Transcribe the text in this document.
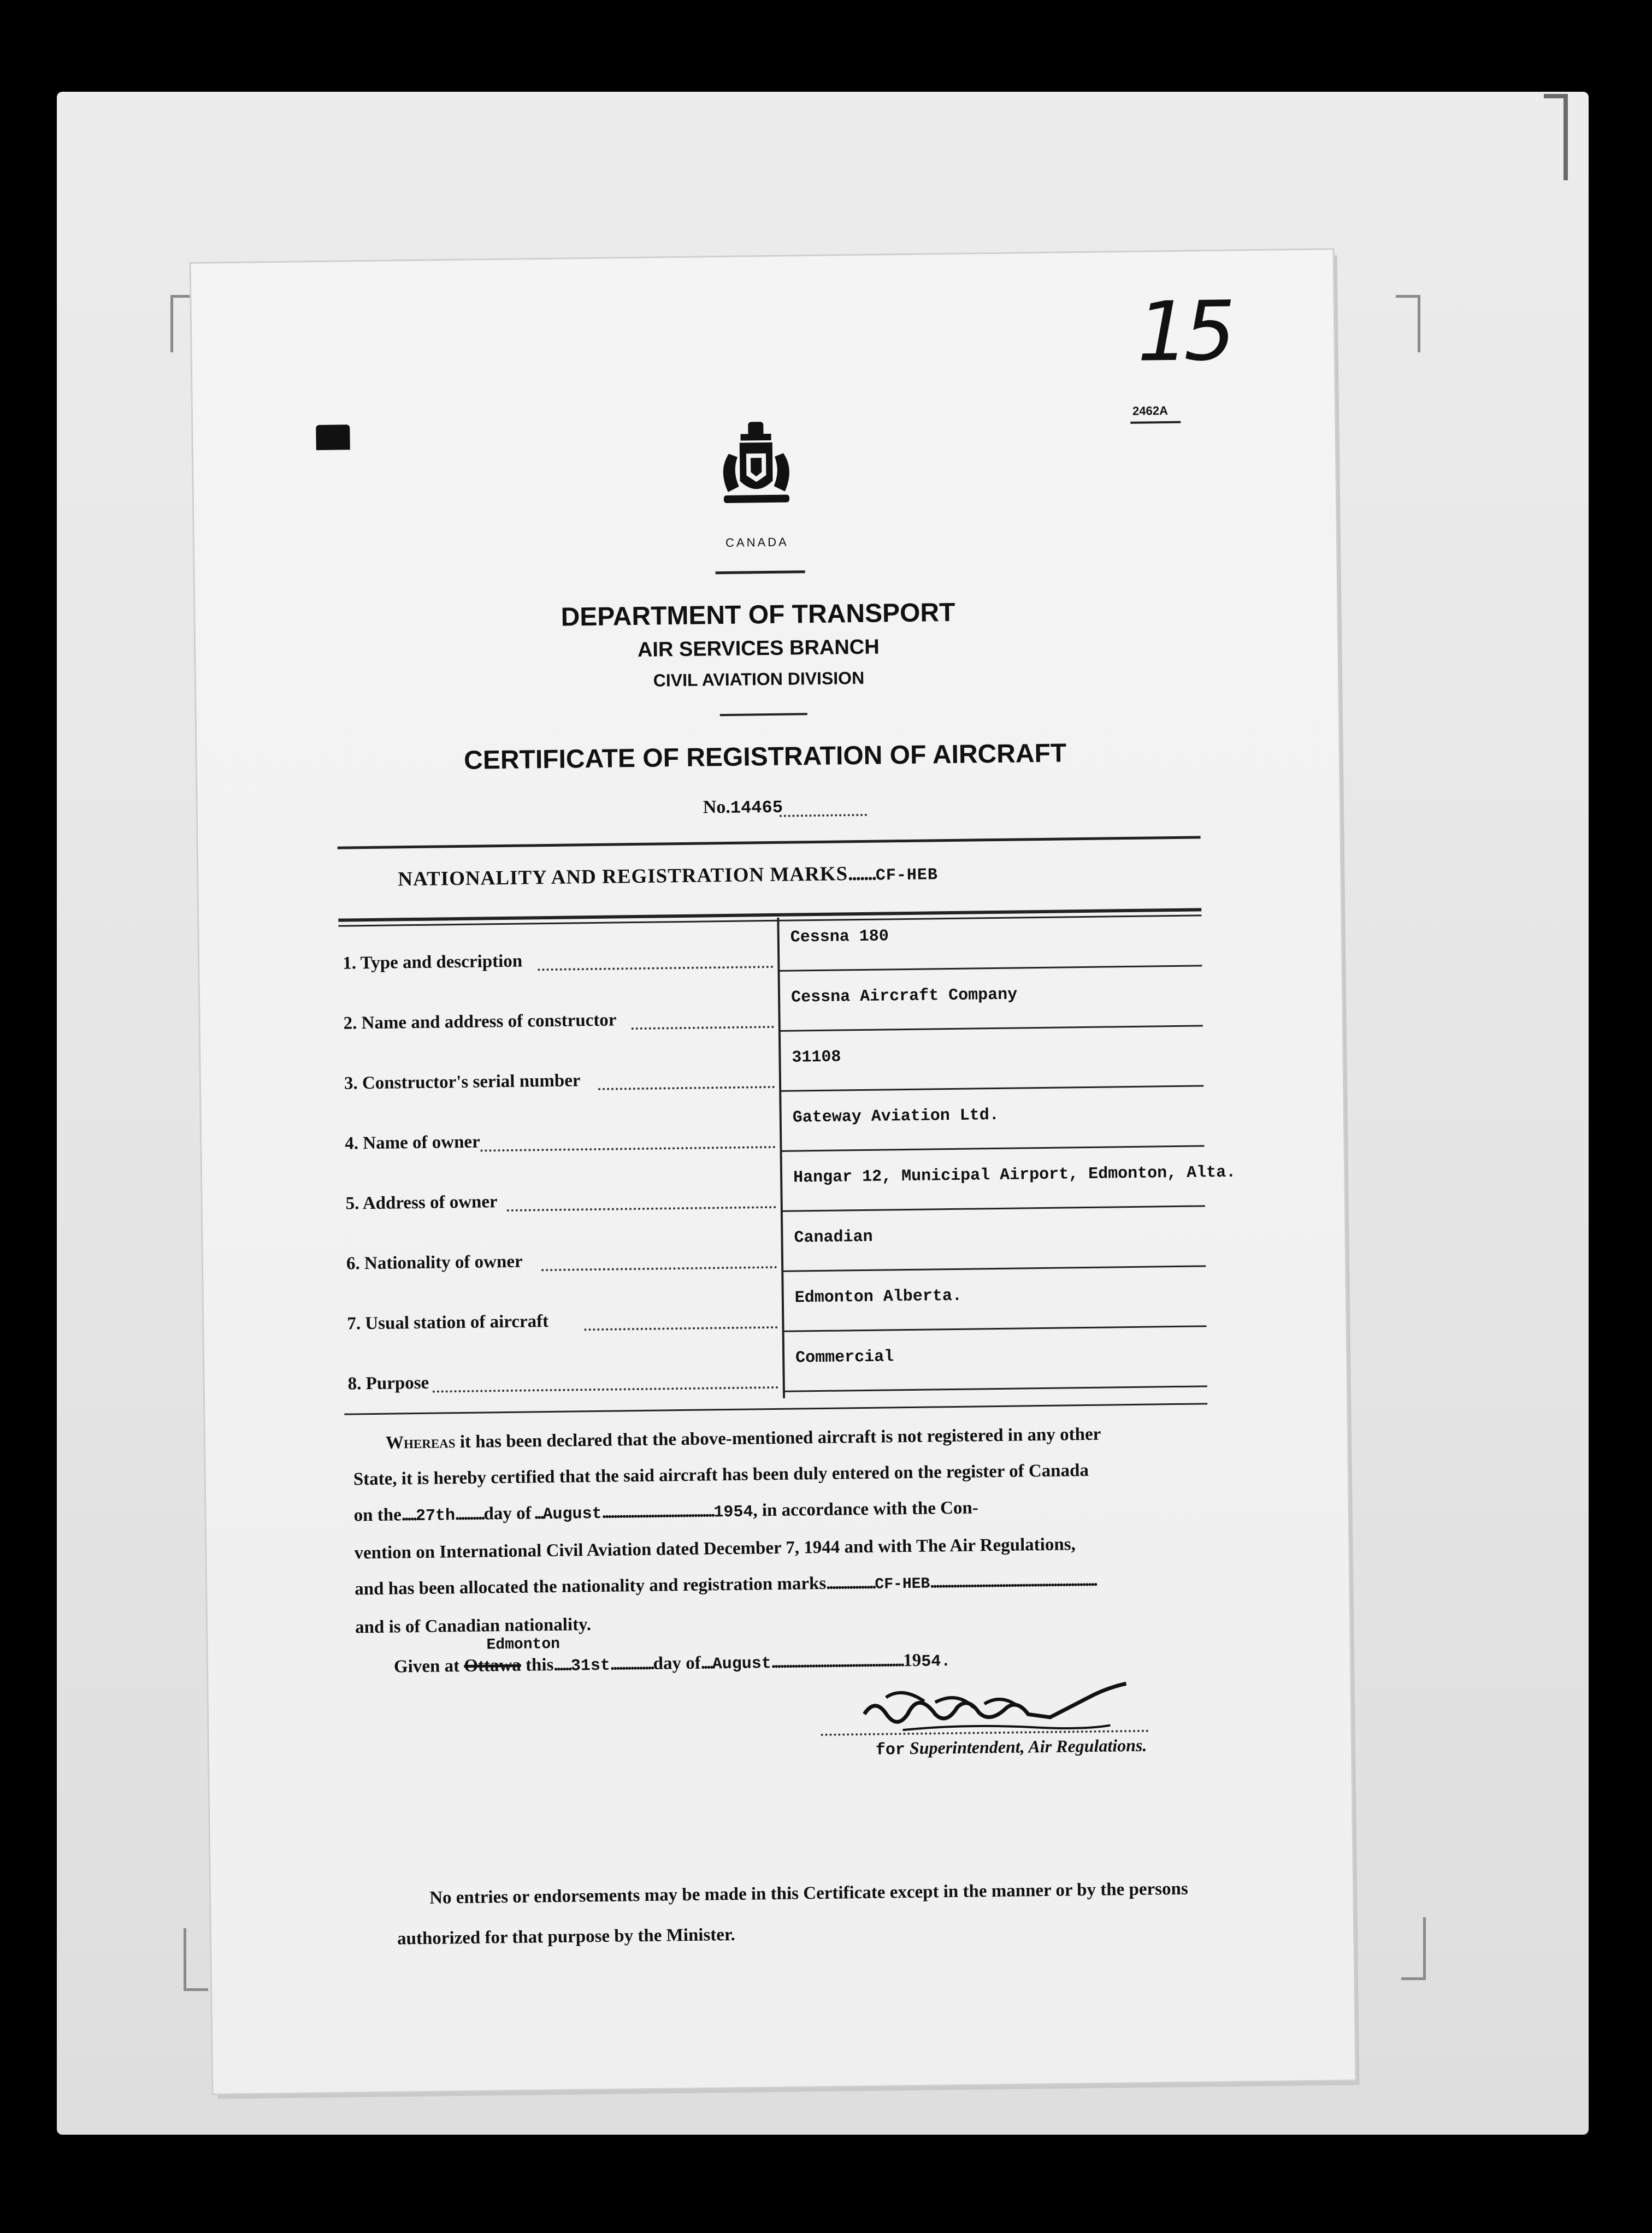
15
2462A
CANADA
DEPARTMENT OF TRANSPORT
AIR SERVICES BRANCH
CIVIL AVIATION DIVISION
CERTIFICATE OF REGISTRATION OF AIRCRAFT
No.14465
NATIONALITY AND REGISTRATION MARKS.......CF-HEB
1. Type and description
Cessna 180
2. Name and address of constructor
Cessna Aircraft Company
3. Constructor's serial number
31108
4. Name of owner
Gateway Aviation Ltd.
5. Address of owner
Hangar 12, Municipal Airport, Edmonton, Alta.
6. Nationality of owner
Canadian
7. Usual station of aircraft
Edmonton Alberta.
8. Purpose
Commercial
Whereas it has been declared that the above-mentioned aircraft is not registered in any other
State, it is hereby certified that the said aircraft has been duly entered on the register of Canada
on the.....27th..........day of ...August.......................................1954, in accordance with the Con-
vention on International Civil Aviation dated December 7, 1944 and with The Air Regulations,
and has been allocated the nationality and registration marks.................CF-HEB..........................................................
and is of Canadian nationality.
Edmonton
Given at Ottawa this......31st...............day of....August..............................................1954.
for Superintendent, Air Regulations.
No entries or endorsements may be made in this Certificate except in the manner or by the persons
authorized for that purpose by the Minister.
